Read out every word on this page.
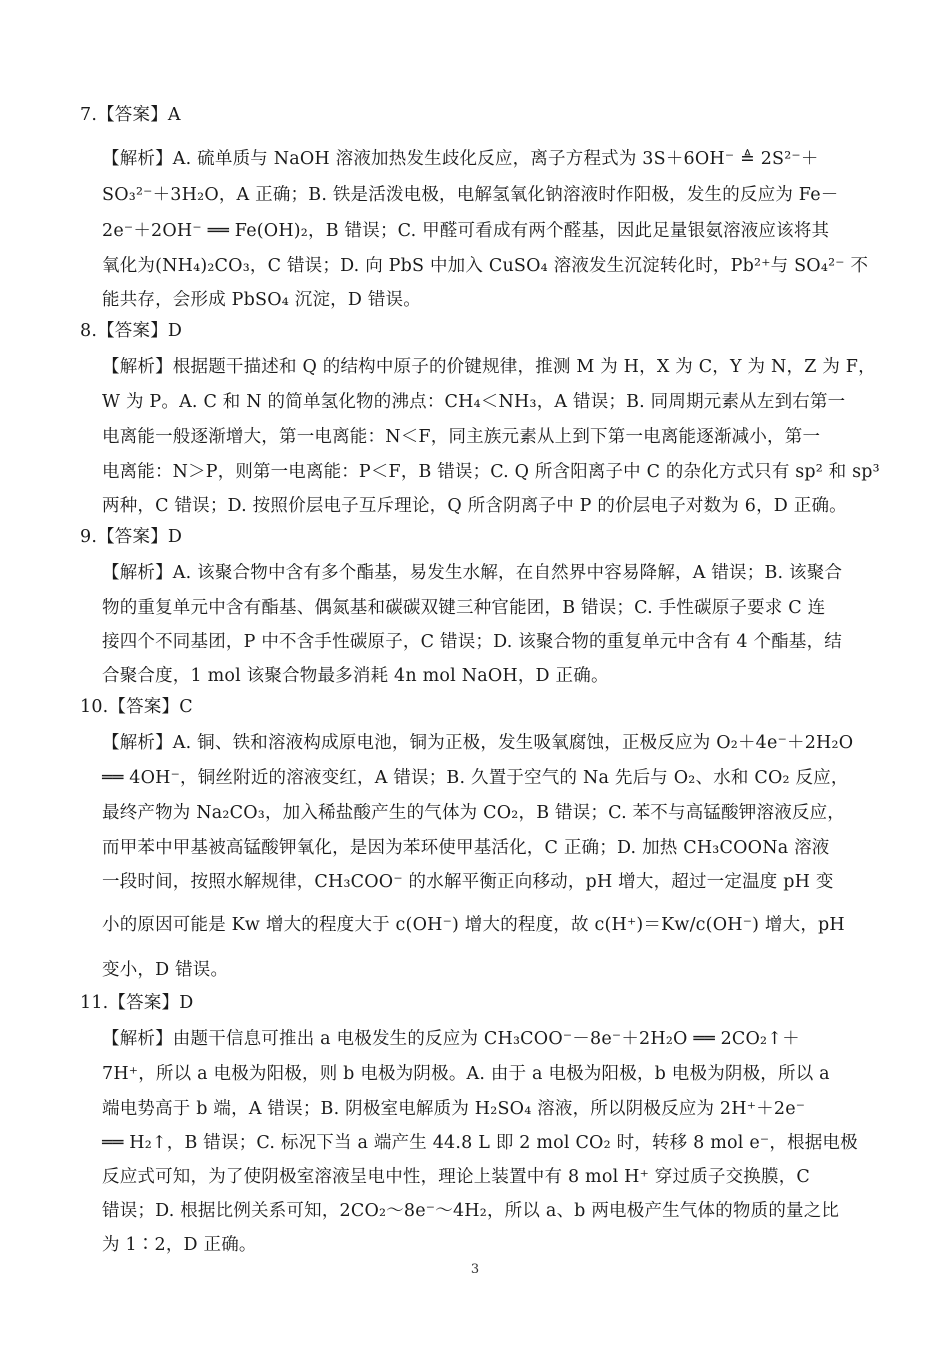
7.【答案】A
【解析】A. 硫单质与 NaOH 溶液加热发生歧化反应，离子方程式为 3S＋6OH⁻ ≜ 2S²⁻＋
SO₃²⁻＋3H₂O，A 正确；B. 铁是活泼电极，电解氢氧化钠溶液时作阳极，发生的反应为 Fe－
2e⁻＋2OH⁻ ══ Fe(OH)₂，B 错误；C. 甲醛可看成有两个醛基，因此足量银氨溶液应该将其
氧化为(NH₄)₂CO₃，C 错误；D. 向 PbS 中加入 CuSO₄ 溶液发生沉淀转化时，Pb²⁺与 SO₄²⁻ 不
能共存，会形成 PbSO₄ 沉淀，D 错误。
8.【答案】D
【解析】根据题干描述和 Q 的结构中原子的价键规律，推测 M 为 H，X 为 C，Y 为 N，Z 为 F，
W 为 P。A. C 和 N 的简单氢化物的沸点：CH₄＜NH₃，A 错误；B. 同周期元素从左到右第一
电离能一般逐渐增大，第一电离能：N＜F，同主族元素从上到下第一电离能逐渐减小，第一
电离能：N＞P，则第一电离能：P＜F，B 错误；C. Q 所含阳离子中 C 的杂化方式只有 sp² 和 sp³
两种，C 错误；D. 按照价层电子互斥理论，Q 所含阴离子中 P 的价层电子对数为 6，D 正确。
9.【答案】D
【解析】A. 该聚合物中含有多个酯基，易发生水解，在自然界中容易降解，A 错误；B. 该聚合
物的重复单元中含有酯基、偶氮基和碳碳双键三种官能团，B 错误；C. 手性碳原子要求 C 连
接四个不同基团，P 中不含手性碳原子，C 错误；D. 该聚合物的重复单元中含有 4 个酯基，结
合聚合度，1 mol 该聚合物最多消耗 4n mol NaOH，D 正确。
10.【答案】C
【解析】A. 铜、铁和溶液构成原电池，铜为正极，发生吸氧腐蚀，正极反应为 O₂＋4e⁻＋2H₂O
══ 4OH⁻，铜丝附近的溶液变红，A 错误；B. 久置于空气的 Na 先后与 O₂、水和 CO₂ 反应，
最终产物为 Na₂CO₃，加入稀盐酸产生的气体为 CO₂，B 错误；C. 苯不与高锰酸钾溶液反应，
而甲苯中甲基被高锰酸钾氧化，是因为苯环使甲基活化，C 正确；D. 加热 CH₃COONa 溶液
一段时间，按照水解规律，CH₃COO⁻ 的水解平衡正向移动，pH 增大，超过一定温度 pH 变
小的原因可能是 Kw 增大的程度大于 c(OH⁻) 增大的程度，故 c(H⁺)＝Kw/c(OH⁻) 增大，pH
变小，D 错误。
11.【答案】D
【解析】由题干信息可推出 a 电极发生的反应为 CH₃COO⁻－8e⁻＋2H₂O ══ 2CO₂↑＋
7H⁺，所以 a 电极为阳极，则 b 电极为阴极。A. 由于 a 电极为阳极，b 电极为阴极，所以 a
端电势高于 b 端，A 错误；B. 阴极室电解质为 H₂SO₄ 溶液，所以阴极反应为 2H⁺＋2e⁻
══ H₂↑，B 错误；C. 标况下当 a 端产生 44.8 L 即 2 mol CO₂ 时，转移 8 mol e⁻，根据电极
反应式可知，为了使阴极室溶液呈电中性，理论上装置中有 8 mol H⁺ 穿过质子交换膜，C
错误；D. 根据比例关系可知，2CO₂～8e⁻～4H₂，所以 a、b 两电极产生气体的物质的量之比
为 1∶2，D 正确。
3
